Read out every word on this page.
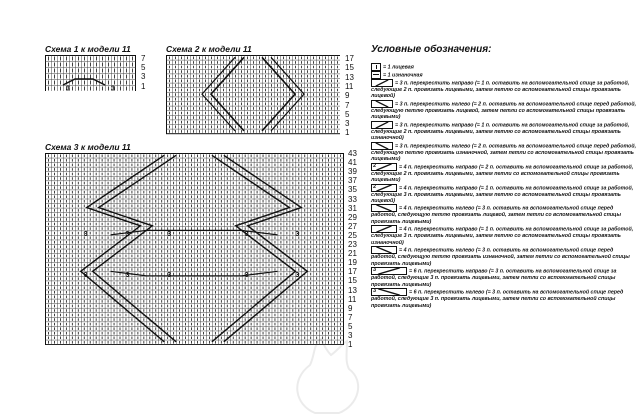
Схема 1 к модели 11
3	3
7
5
3
1
Схема 2 к модели 11
17
15
13
11
9
7
5
3
1
Схема 3 к модели 11
3	3	3	3	3
3	3	3	3	3
43
41
39
37
35
33
31
29
27
25
23
21
19
17
15
13
11
9
7
5
3
1
Условные обозначения:
= 1 лицевая
= 1 изнаночная
= 3 п. перекрестить направо (= 1 п. оставить на вспомогательной спице за работой, следующие 2 п. провязать лицевыми, затем петлю со вспомогательной спицы провязать лицевой)
= 3 п. перекрестить налево (= 2 п. оставить на вспомогательной спице перед работой, следующую петлю провязать лицевой, затем петли со вспомогательной спицы провязать лицевыми)
= 3 п. перекрестить направо (= 1 п. оставить на вспомогательной спице за работой, следующие 2 п. провязать лицевыми, затем петлю со вспомогательной спицы провязать изнаночной)
= 3 п. перекрестить налево (= 2 п. оставить на вспомогательной спице перед работой, следующую петлю провязать изнаночной, затем петли со вспомогательной спицы провязать лицевыми)
2	= 4 п. перекрестить направо (= 2 п. оставить на вспомогательной спице за работой, следующие 2 п. провязать лицевыми, затем петли со вспомогательной спицы провязать лицевыми)
2	= 4 п. перекрестить направо (= 1 п. оставить на вспомогательной спице за работой, следующие 3 п. провязать лицевыми, затем петлю со вспомогательной спицы провязать лицевой)
= 4 п. перекрестить налево (= 3 п. оставить на вспомогательной спице перед работой, следующую петлю провязать лицевой, затем петли со вспомогательной спицы провязать лицевыми)
= 4 п. перекрестить направо (= 1 п. оставить на вспомогательной спице за работой, следующие 3 п. провязать лицевыми, затем петлю со вспомогательной спицы провязать изнаночной)
= 4 п. перекрестить налево (= 3 п. оставить на вспомогательной спице перед работой, следующую петлю провязать изнаночной, затем петли со вспомогательной спицы провязать лицевыми)
3	= 6 п. перекрестить направо (= 3 п. оставить на вспомогательной спице за работой, следующие 3 п. провязать лицевыми, затем петли со вспомогательной спицы провязать лицевыми)
3	= 6 п. перекрестить налево (= 3 п. оставить на вспомогательной спице перед работой, следующие 3 п. провязать лицевыми, затем петли со вспомогательной спицы провязать лицевыми)
